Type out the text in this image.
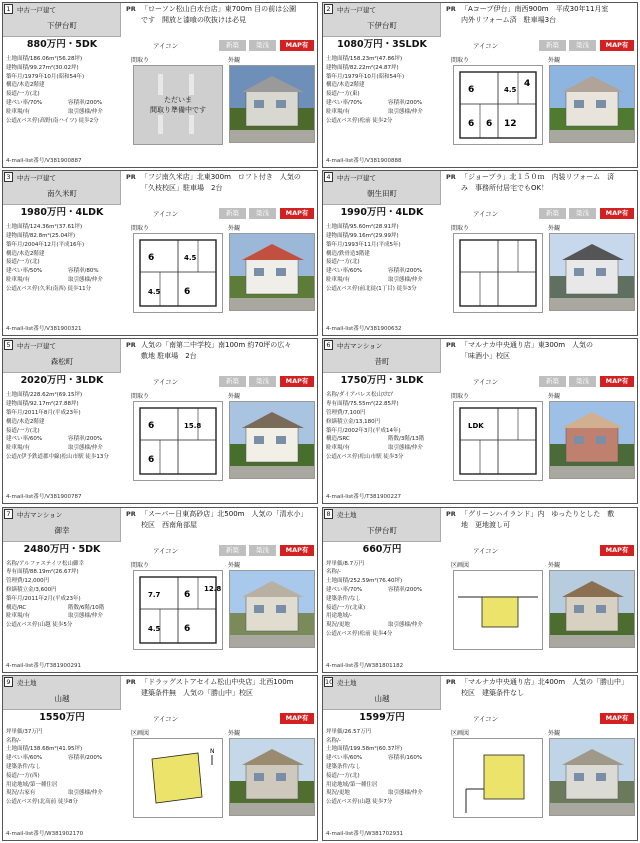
1 中古一戸建て
下伊台町
PR 「ローソン松山白水台店」東700m 目の前は公園
です　開放と漆喰の吹抜けは必見
880万円・5DK	アイコン	新築	築浅	MAP有
土地面積/186.06m²(56.28坪)
建物面積/99.27m²(30.02坪)
築年月/1979年10月(昭和54年)
構造/木造2階建
接道/一方(北)
建ぺい率/70%	容積率/200%
駐車場/有	取引態様/仲介
公道/(バス停)高野(南ハイツ) 徒歩2分
間取り	外観
ただいま
間取り準備中です
4-mail-list番号/V381900887
2 中古一戸建て
下伊台町
PR 「Aコープ伊台」南西900m　平成30年11月室
内外リフォーム済　駐車場3台
1080万円・3SLDK	アイコン	新築	築浅	MAP有
土地面積/158.23m²(47.86坪)
建物面積/82.22m²(24.87坪)
築年月/1979年10月(昭和54年)
構造/木造2階建
接道/一方(東)
建ぺい率/70%	容積率/200%
駐車場/有	取引態様/仲介
公道/(バス停)松前 徒歩2分
間取り	外観
6	4.5
6	12
4
6
4-mail-list番号/V381900888
3 中古一戸建て
南久米町
PR 「フジ南久米店」北東300m　ロフト付き　人気の
「久枝校区」駐車場　2台
1980万円・4LDK	アイコン	新築	築浅	MAP有
土地面積/124.36m²(37.61坪)
建物面積/82.8m²(25.04坪)
築年月/2004年12月(平成16年)
構造/木造2階建
接道/一方(北)
建ぺい率/50%	容積率/80%
駐車場/有	取引態様/仲介
公道/(バス停)久米(南西) 徒歩11分
間取り	外観
6	4.5
4.5	6
4-mail-list番号/V381900321
4 中古一戸建て
朝生田町
PR 「ジョープラ」北１５０ｍ　内装リフォーム　済
み　事務所付居宅でもOK！
1990万円・4LDK	アイコン	新築	築浅	MAP有
土地面積/95.60m²(28.91坪)
建物面積/99.16m²(29.99坪)
築年月/1993年11月(平成5年)
構造/鉄骨造3階建
接道/一方(北)
建ぺい率/60%	容積率/200%
駐車場/有	取引態様/仲介
公道/(バス停)前北徒(1丁目) 徒歩3分
間取り	外観
4-mail-list番号/V381900632
5 中古一戸建て
森松町
PR 人気の「南第二中学校」南100m 約70坪の広々
敷地 駐車場　2台
2020万円・3LDK	アイコン	新築	築浅	MAP有
土地面積/228.62m²(69.15坪)
建物面積/92.17m²(27.88坪)
築年月/2011年8月(平成23年)
構造/木造2階建
接道/一方(北)
建ぺい率/60%	容積率/200%
駐車場/有	取引態様/仲介
公道/(伊予鉄道郡中線)松山市駅 徒歩13分
間取り	外観
6	15.8
6
4-mail-list番号/V381900787
6 中古マンション
昔町
PR 「マルナカ中央通り店」東300m　人気の
「味酒小」校区
1750万円・3LDK	アイコン	新築	築浅	MAP有
名称/ダイアパレス松山ｽｸｴｱ
専有面積/75.55m²(22.85坪)
管理費/7,100円
修繕積立金/13,180円
築年月/2002年3月(平成14年)
構造/SRC	階数/3階/13階
駐車場/有	取引態様/仲介
公道/(バス停)松山市駅 徒歩3分
間取り	外観
LDK
4-mail-list番号/T381900227
7 中古マンション
御幸
PR 「スーパー日東高砂店」北500m　人気の「清水小」
校区　西南角部屋
2480万円・5DK	アイコン	新築	築浅	MAP有
名称/アルファステイツ松山御幸
専有面積/88.19m²(26.67坪)
管理費/12,000円
修繕積立金/3,600円
築年月/2011年2月(平成23年)
構造/RC	階数/6階/10階
駐車場/有	取引態様/仲介
公道/(バス停)山越 徒歩5分
間取り	外観
7.7	6
4.5	6
12.8
4-mail-list番号/T381900291
8 売土地
下伊台町
PR 「グリーンハイランド」内　ゆったりとした　敷
地　更地渡し可
660万円	アイコン	MAP有
坪単価/8.7万円
名称/-
土地面積/252.59m²(76.40坪)
建ぺい率/70%	容積率/200%
建築条件/なし
接道/一方(北東)
用途地域/-
現況/更地	取引態様/仲介
公道/(バス停)松前 徒歩4分
区画図	外観
4-mail-list番号/W381801182
9 売土地
山越
PR 「ドラッグストアセイム松山中央店」北西100m
建築条件無　人気の「勝山中」校区
1550万円	アイコン	MAP有
坪単価/37万円
名称/-
土地面積/138.68m²(41.95坪)
建ぺい率/60%	容積率/200%
建築条件/なし
接道/一方(西)
用途地域/第一種住居
現況/古家有	取引態様/仲介
公道/(バス停)北高前 徒歩8分
区画図	外観
N
4-mail-list番号/W381902170
10 売土地
山越
PR 「マルナカ中央通り店」北400m　人気の「勝山中」
校区　建築条件なし
1599万円	アイコン	MAP有
坪単価/26.57万円
名称/-
土地面積/199.58m²(60.37坪)
建ぺい率/60%	容積率/160%
建築条件/なし
接道/一方(北)
用途地域/第一種住居
現況/更地	取引態様/仲介
公道/(バス停)山越 徒歩7分
区画図	外観
4-mail-list番号/W381702931
